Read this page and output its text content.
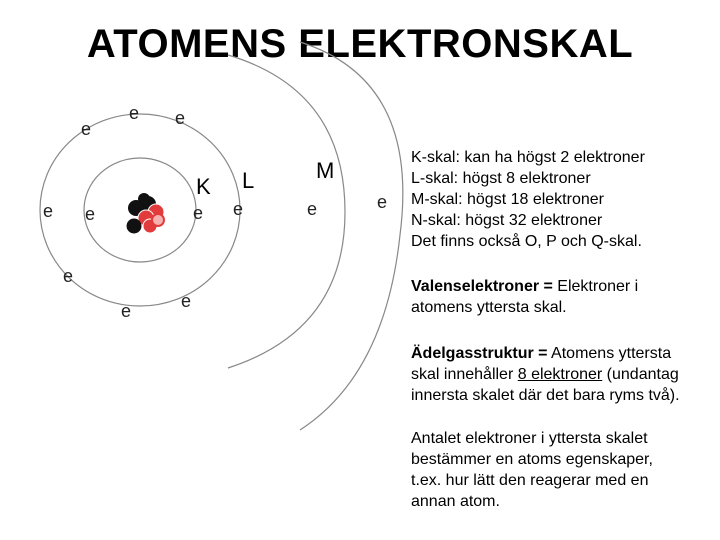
ATOMENS ELEKTRONSKAL
e	e
e
e e
e	e
e
e	e
e	e
K L	M
K-skal: kan ha högst 2 elektroner
L-skal: högst 8 elektroner
M-skal: högst 18 elektroner
N-skal: högst 32 elektroner
Det finns också O, P och Q-skal.
Valenselektroner = Elektroner i
atomens yttersta skal.
Ädelgasstruktur = Atomens yttersta
skal innehåller 8 elektroner (undantag
innersta skalet där det bara ryms två).
Antalet elektroner i yttersta skalet
bestämmer en atoms egenskaper,
t.ex. hur lätt den reagerar med en
annan atom.
